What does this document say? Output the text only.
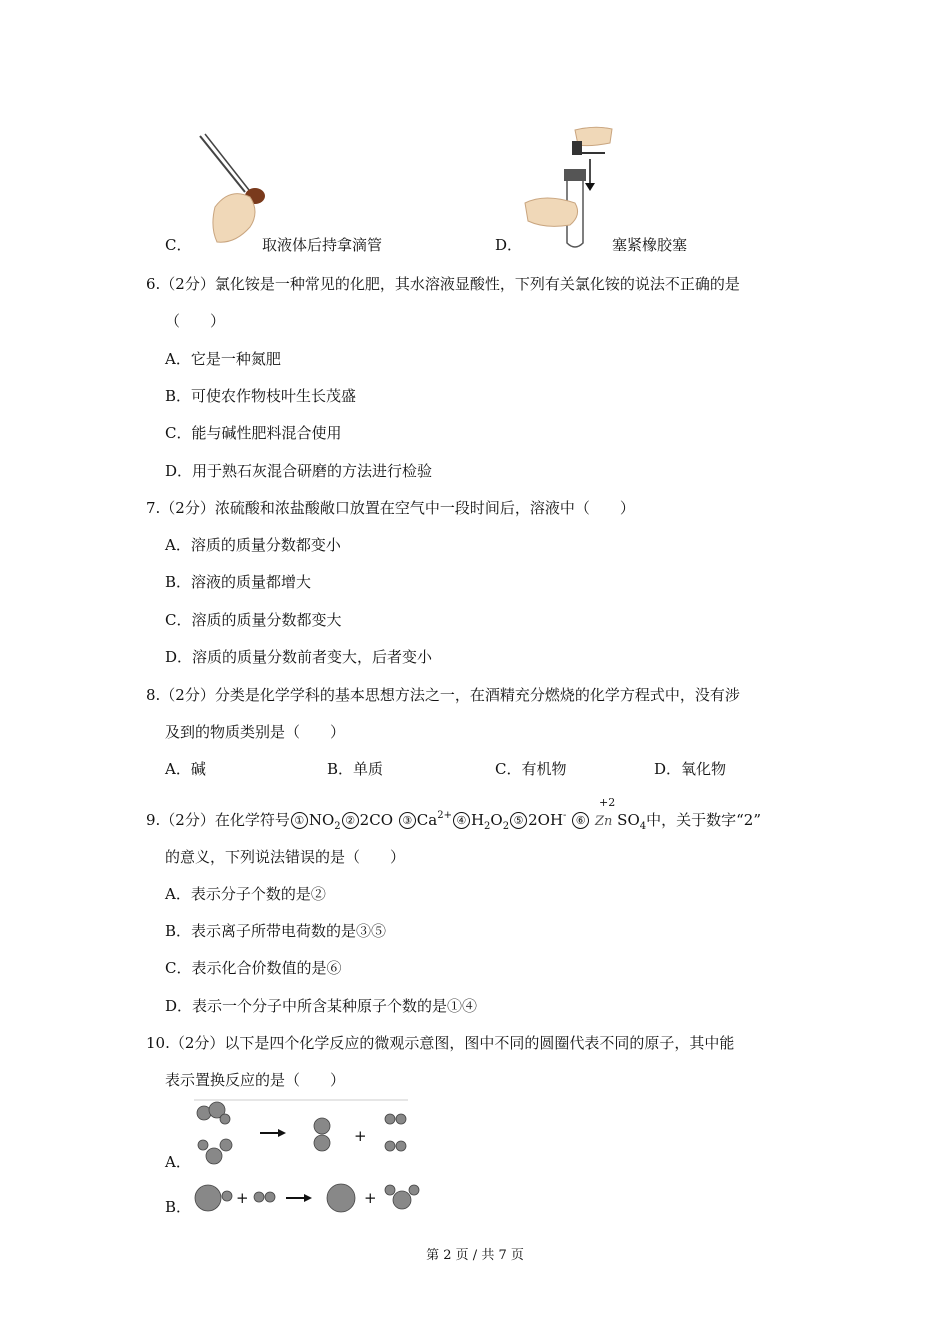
C．	取液体后持拿滴管	D．	塞紧橡胶塞
6.（2分）氯化铵是一种常见的化肥，其水溶液显酸性，下列有关氯化铵的说法不正确的是
（　　）
A．它是一种氮肥
B．可使农作物枝叶生长茂盛
C．能与碱性肥料混合使用
D．用于熟石灰混合研磨的方法进行检验
7.（2分）浓硫酸和浓盐酸敞口放置在空气中一段时间后，溶液中（　　）
A．溶质的质量分数都变小
B．溶液的质量都增大
C．溶质的质量分数都变大
D．溶质的质量分数前者变大，后者变小
8.（2分）分类是化学学科的基本思想方法之一，在酒精充分燃烧的化学方程式中，没有涉
及到的物质类别是（　　）
A．碱	B．单质	C．有机物	D．氧化物
9.（2分）在化学符号 ① $NO_2$ ② 2CO ③ $Ca^{2+}$ ④ $H_2O_2$ ⑤ 2OH- ⑥
+2
Zn $SO_4$中，关于数字“2”
的意义，下列说法错误的是（　　）
A．表示分子个数的是②
B．表示离子所带电荷数的是③⑤
C．表示化合价数值的是⑥
D．表示一个分子中所含某种原子个数的是①④
10.（2分）以下是四个化学反应的微观示意图，图中不同的圆圈代表不同的原子，其中能
表示置换反应的是（　　）
+
A．
+	+
B．
第 2 页 / 共 7 页
